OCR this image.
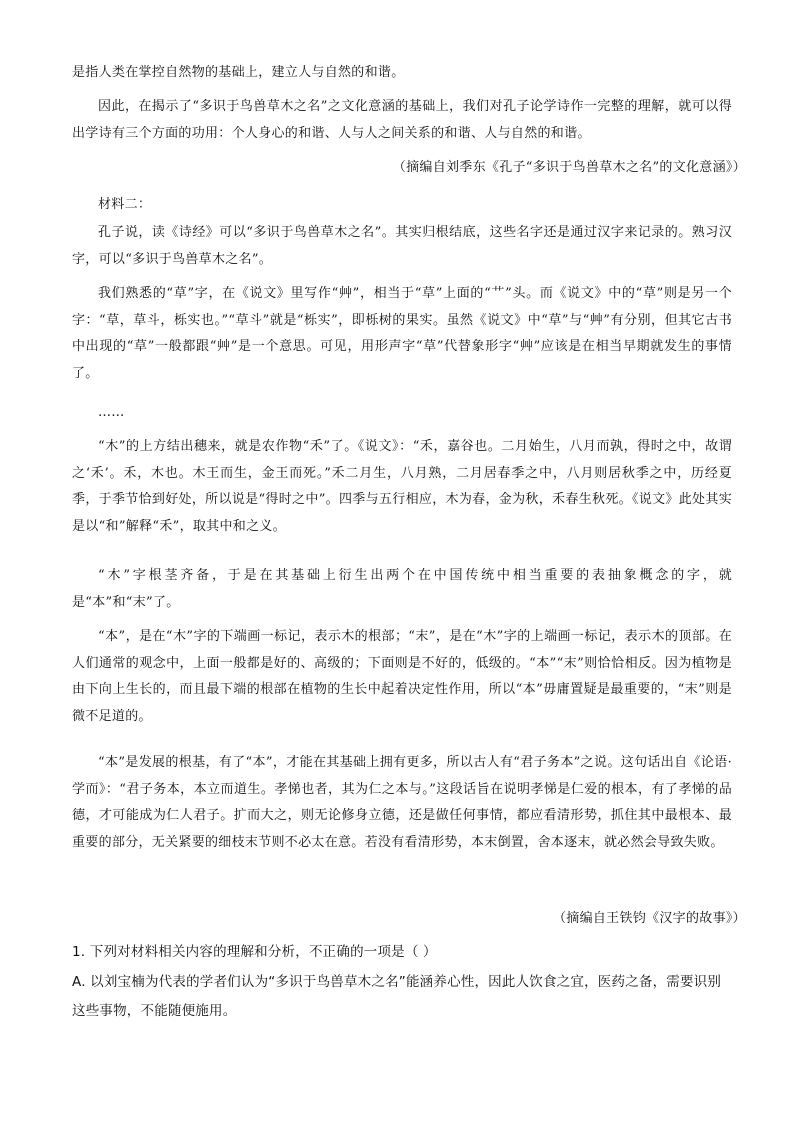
是指人类在掌控自然物的基础上，建立人与自然的和谐。

因此，在揭示了“多识于鸟兽草木之名”之文化意涵的基础上，我们对孔子论学诗作一完整的理解，就可以得出学诗有三个方面的功用：个人身心的和谐、人与人之间关系的和谐、人与自然的和谐。

（摘编自刘季东《孔子“多识于鸟兽草木之名”的文化意涵》）

材料二：

孔子说，读《诗经》可以“多识于鸟兽草木之名”。其实归根结底，这些名字还是通过汉字来记录的。熟习汉字，可以“多识于鸟兽草木之名”。

我们熟悉的“草”字，在《说文》里写作“艸”，相当于“草”上面的“艹”头。而《说文》中的“草”则是另一个字：“草，草斗，栎实也。”“草斗”就是“栎实”，即栎树的果实。虽然《说文》中“草”与“艸”有分别，但其它古书中出现的“草”一般都跟“艸”是一个意思。可见，用形声字“草”代替象形字“艸”应该是在相当早期就发生的事情了。

……

“木”的上方结出穗来，就是农作物“禾”了。《说文》：“禾，嘉谷也。二月始生，八月而孰，得时之中，故谓之‘禾’。禾，木也。木王而生，金王而死。”禾二月生，八月熟，二月居春季之中，八月则居秋季之中，历经夏季，于季节恰到好处，所以说是“得时之中”。四季与五行相应，木为春，金为秋，禾春生秋死。《说文》此处其实是以“和”解释“禾”，取其中和之义。

“木”字根茎齐备，于是在其基础上衍生出两个在中国传统中相当重要的表抽象概念的字，就是“本”和“末”了。

“本”，是在“木”字的下端画一标记，表示木的根部；“末”，是在“木”字的上端画一标记，表示木的顶部。在人们通常的观念中，上面一般都是好的、高级的；下面则是不好的，低级的。“本”“末”则恰恰相反。因为植物是由下向上生长的，而且最下端的根部在植物的生长中起着决定性作用，所以“本”毋庸置疑是最重要的，“末”则是微不足道的。

“本”是发展的根基，有了“本”，才能在其基础上拥有更多，所以古人有“君子务本”之说。这句话出自《论语·学而》：“君子务本，本立而道生。孝悌也者，其为仁之本与。”这段话旨在说明孝悌是仁爱的根本，有了孝悌的品德，才可能成为仁人君子。扩而大之，则无论修身立德，还是做任何事情，都应看清形势，抓住其中最根本、最重要的部分，无关紧要的细枝末节则不必太在意。若没有看清形势，本末倒置，舍本逐末，就必然会导致失败。

（摘编自王铁钧《汉字的故事》）

1. 下列对材料相关内容的理解和分析，不正确的一项是（ ）

A. 以刘宝楠为代表的学者们认为“多识于鸟兽草木之名”能涵养心性，因此人饮食之宜，医药之备，需要识别这些事物，不能随便施用。
